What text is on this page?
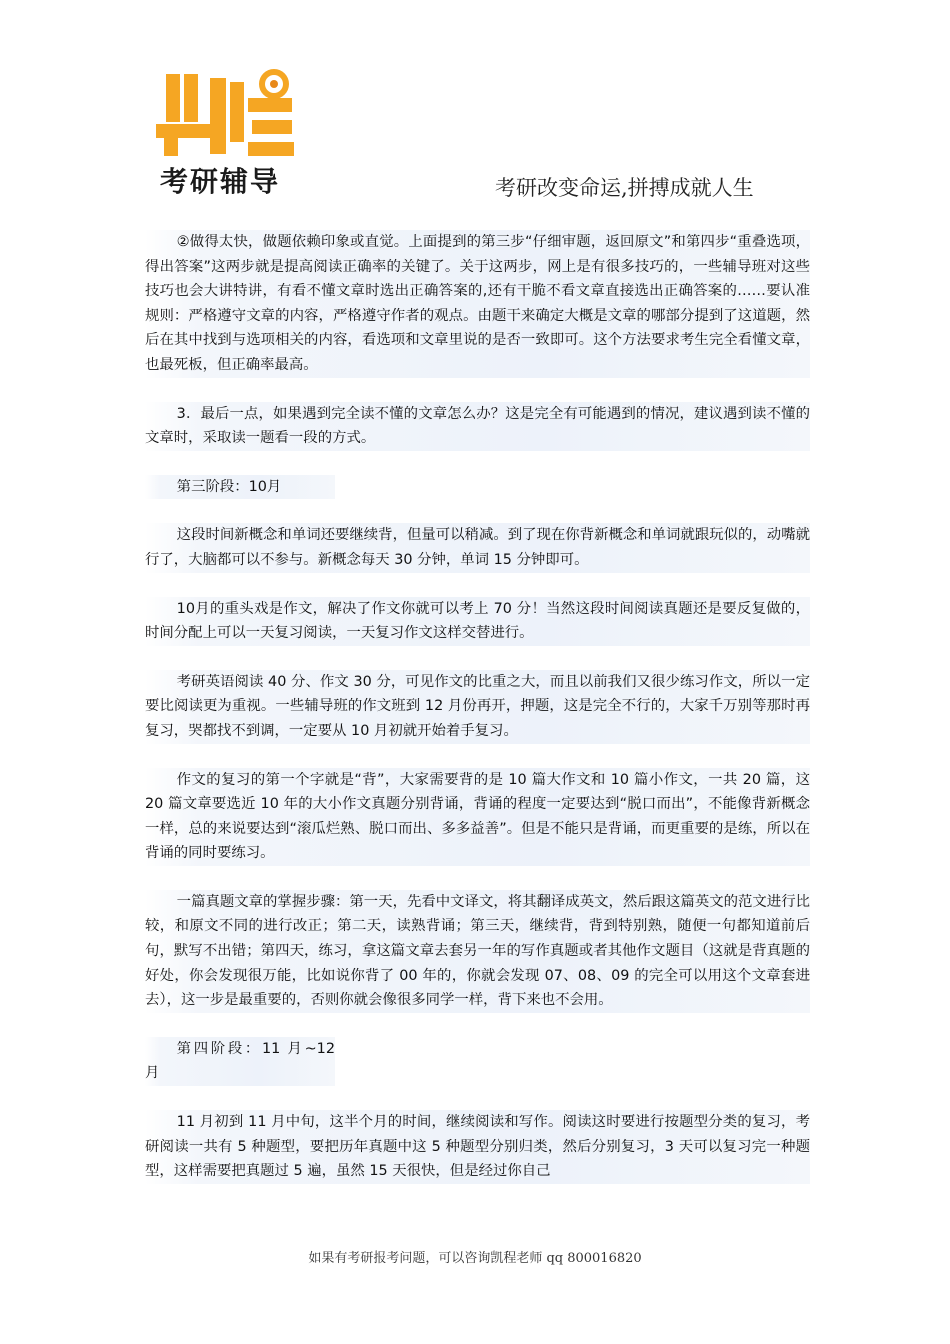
考研辅导	考研改变命运,拼搏成就人生

②做得太快，做题依赖印象或直觉。上面提到的第三步“仔细审题，返回原文”和第四步“重叠选项，得出答案”这两步就是提高阅读正确率的关键了。关于这两步，网上是有很多技巧的，一些辅导班对这些技巧也会大讲特讲，有看不懂文章时选出正确答案的,还有干脆不看文章直接选出正确答案的……要认准规则：严格遵守文章的内容，严格遵守作者的观点。由题干来确定大概是文章的哪部分提到了这道题，然后在其中找到与选项相关的内容，看选项和文章里说的是否一致即可。这个方法要求考生完全看懂文章，也最死板，但正确率最高。

3．最后一点，如果遇到完全读不懂的文章怎么办？这是完全有可能遇到的情况，建议遇到读不懂的文章时，采取读一题看一段的方式。

第三阶段：10月

这段时间新概念和单词还要继续背，但量可以稍减。到了现在你背新概念和单词就跟玩似的，动嘴就行了，大脑都可以不参与。新概念每天 30 分钟，单词 15 分钟即可。

10月的重头戏是作文，解决了作文你就可以考上 70 分！当然这段时间阅读真题还是要反复做的，时间分配上可以一天复习阅读，一天复习作文这样交替进行。

考研英语阅读 40 分、作文 30 分，可见作文的比重之大，而且以前我们又很少练习作文，所以一定要比阅读更为重视。一些辅导班的作文班到 12 月份再开，押题，这是完全不行的，大家千万别等那时再复习，哭都找不到调，一定要从 10 月初就开始着手复习。

作文的复习的第一个字就是“背”，大家需要背的是 10 篇大作文和 10 篇小作文，一共 20 篇，这 20 篇文章要选近 10 年的大小作文真题分别背诵，背诵的程度一定要达到“脱口而出”，不能像背新概念一样，总的来说要达到“滚瓜烂熟、脱口而出、多多益善”。但是不能只是背诵，而更重要的是练，所以在背诵的同时要练习。

一篇真题文章的掌握步骤：第一天，先看中文译文，将其翻译成英文，然后跟这篇英文的范文进行比较，和原文不同的进行改正；第二天，读熟背诵；第三天，继续背，背到特别熟，随便一句都知道前后句，默写不出错；第四天，练习，拿这篇文章去套另一年的写作真题或者其他作文题目（这就是背真题的好处，你会发现很万能，比如说你背了 00 年的，你就会发现 07、08、09 的完全可以用这个文章套进去），这一步是最重要的，否则你就会像很多同学一样，背下来也不会用。

第四阶段：11 月~12 月

11 月初到 11 月中旬，这半个月的时间，继续阅读和写作。阅读这时要进行按题型分类的复习，考研阅读一共有 5 种题型，要把历年真题中这 5 种题型分别归类，然后分别复习，3 天可以复习完一种题型，这样需要把真题过 5 遍，虽然 15 天很快，但是经过你自己

如果有考研报考问题，可以咨询凯程老师 qq 800016820
